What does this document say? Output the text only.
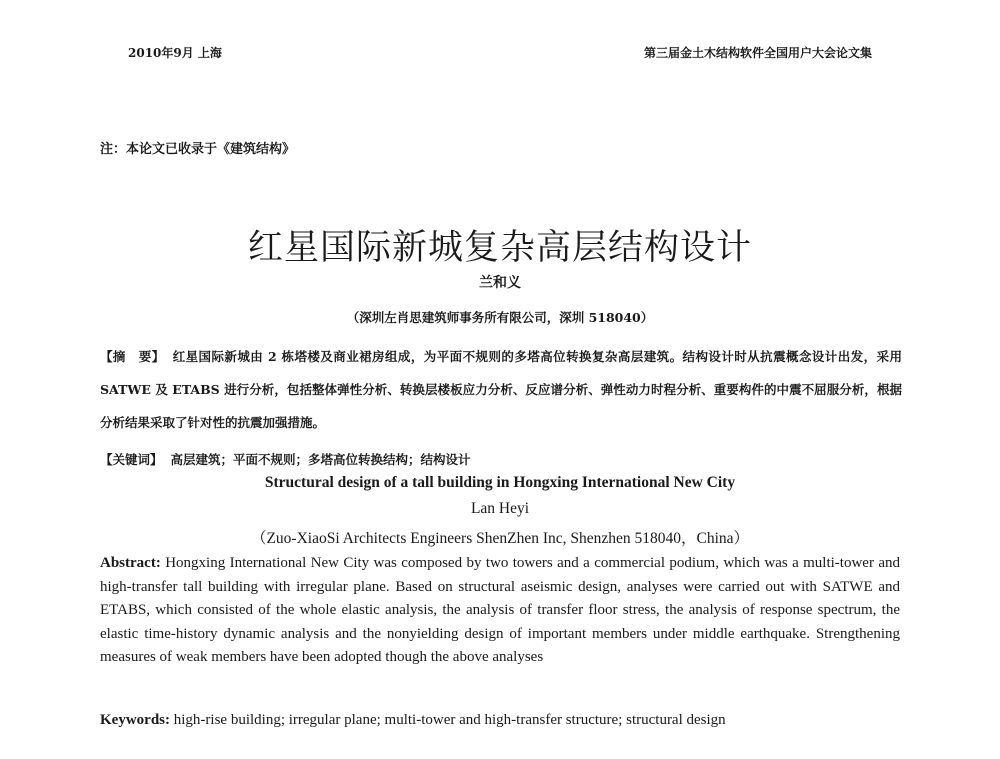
2010年9月 上海	第三届金土木结构软件全国用户大会论文集
注：本论文已收录于《建筑结构》
红星国际新城复杂高层结构设计
兰和义
（深圳左肖思建筑师事务所有限公司，深圳 518040）
【摘　要】 红星国际新城由 2 栋塔楼及商业裙房组成，为平面不规则的多塔高位转换复杂高层建筑。结构设计时从抗震概念设计出发，采用 SATWE 及 ETABS 进行分析，包括整体弹性分析、转换层楼板应力分析、反应谱分析、弹性动力时程分析、重要构件的中震不屈服分析，根据分析结果采取了针对性的抗震加强措施。
【关键词】 高层建筑；平面不规则；多塔高位转换结构；结构设计
Structural design of a tall building in Hongxing International New City
Lan Heyi
（Zuo-XiaoSi Architects Engineers ShenZhen Inc, Shenzhen 518040，China）
Abstract: Hongxing International New City was composed by two towers and a commercial podium, which was a multi-tower and high-transfer tall building with irregular plane. Based on structural aseismic design, analyses were carried out with SATWE and ETABS, which consisted of the whole elastic analysis, the analysis of transfer floor stress, the analysis of response spectrum, the elastic time-history dynamic analysis and the nonyielding design of important members under middle earthquake. Strengthening measures of weak members have been adopted though the above analyses
Keywords: high-rise building; irregular plane; multi-tower and high-transfer structure; structural design
